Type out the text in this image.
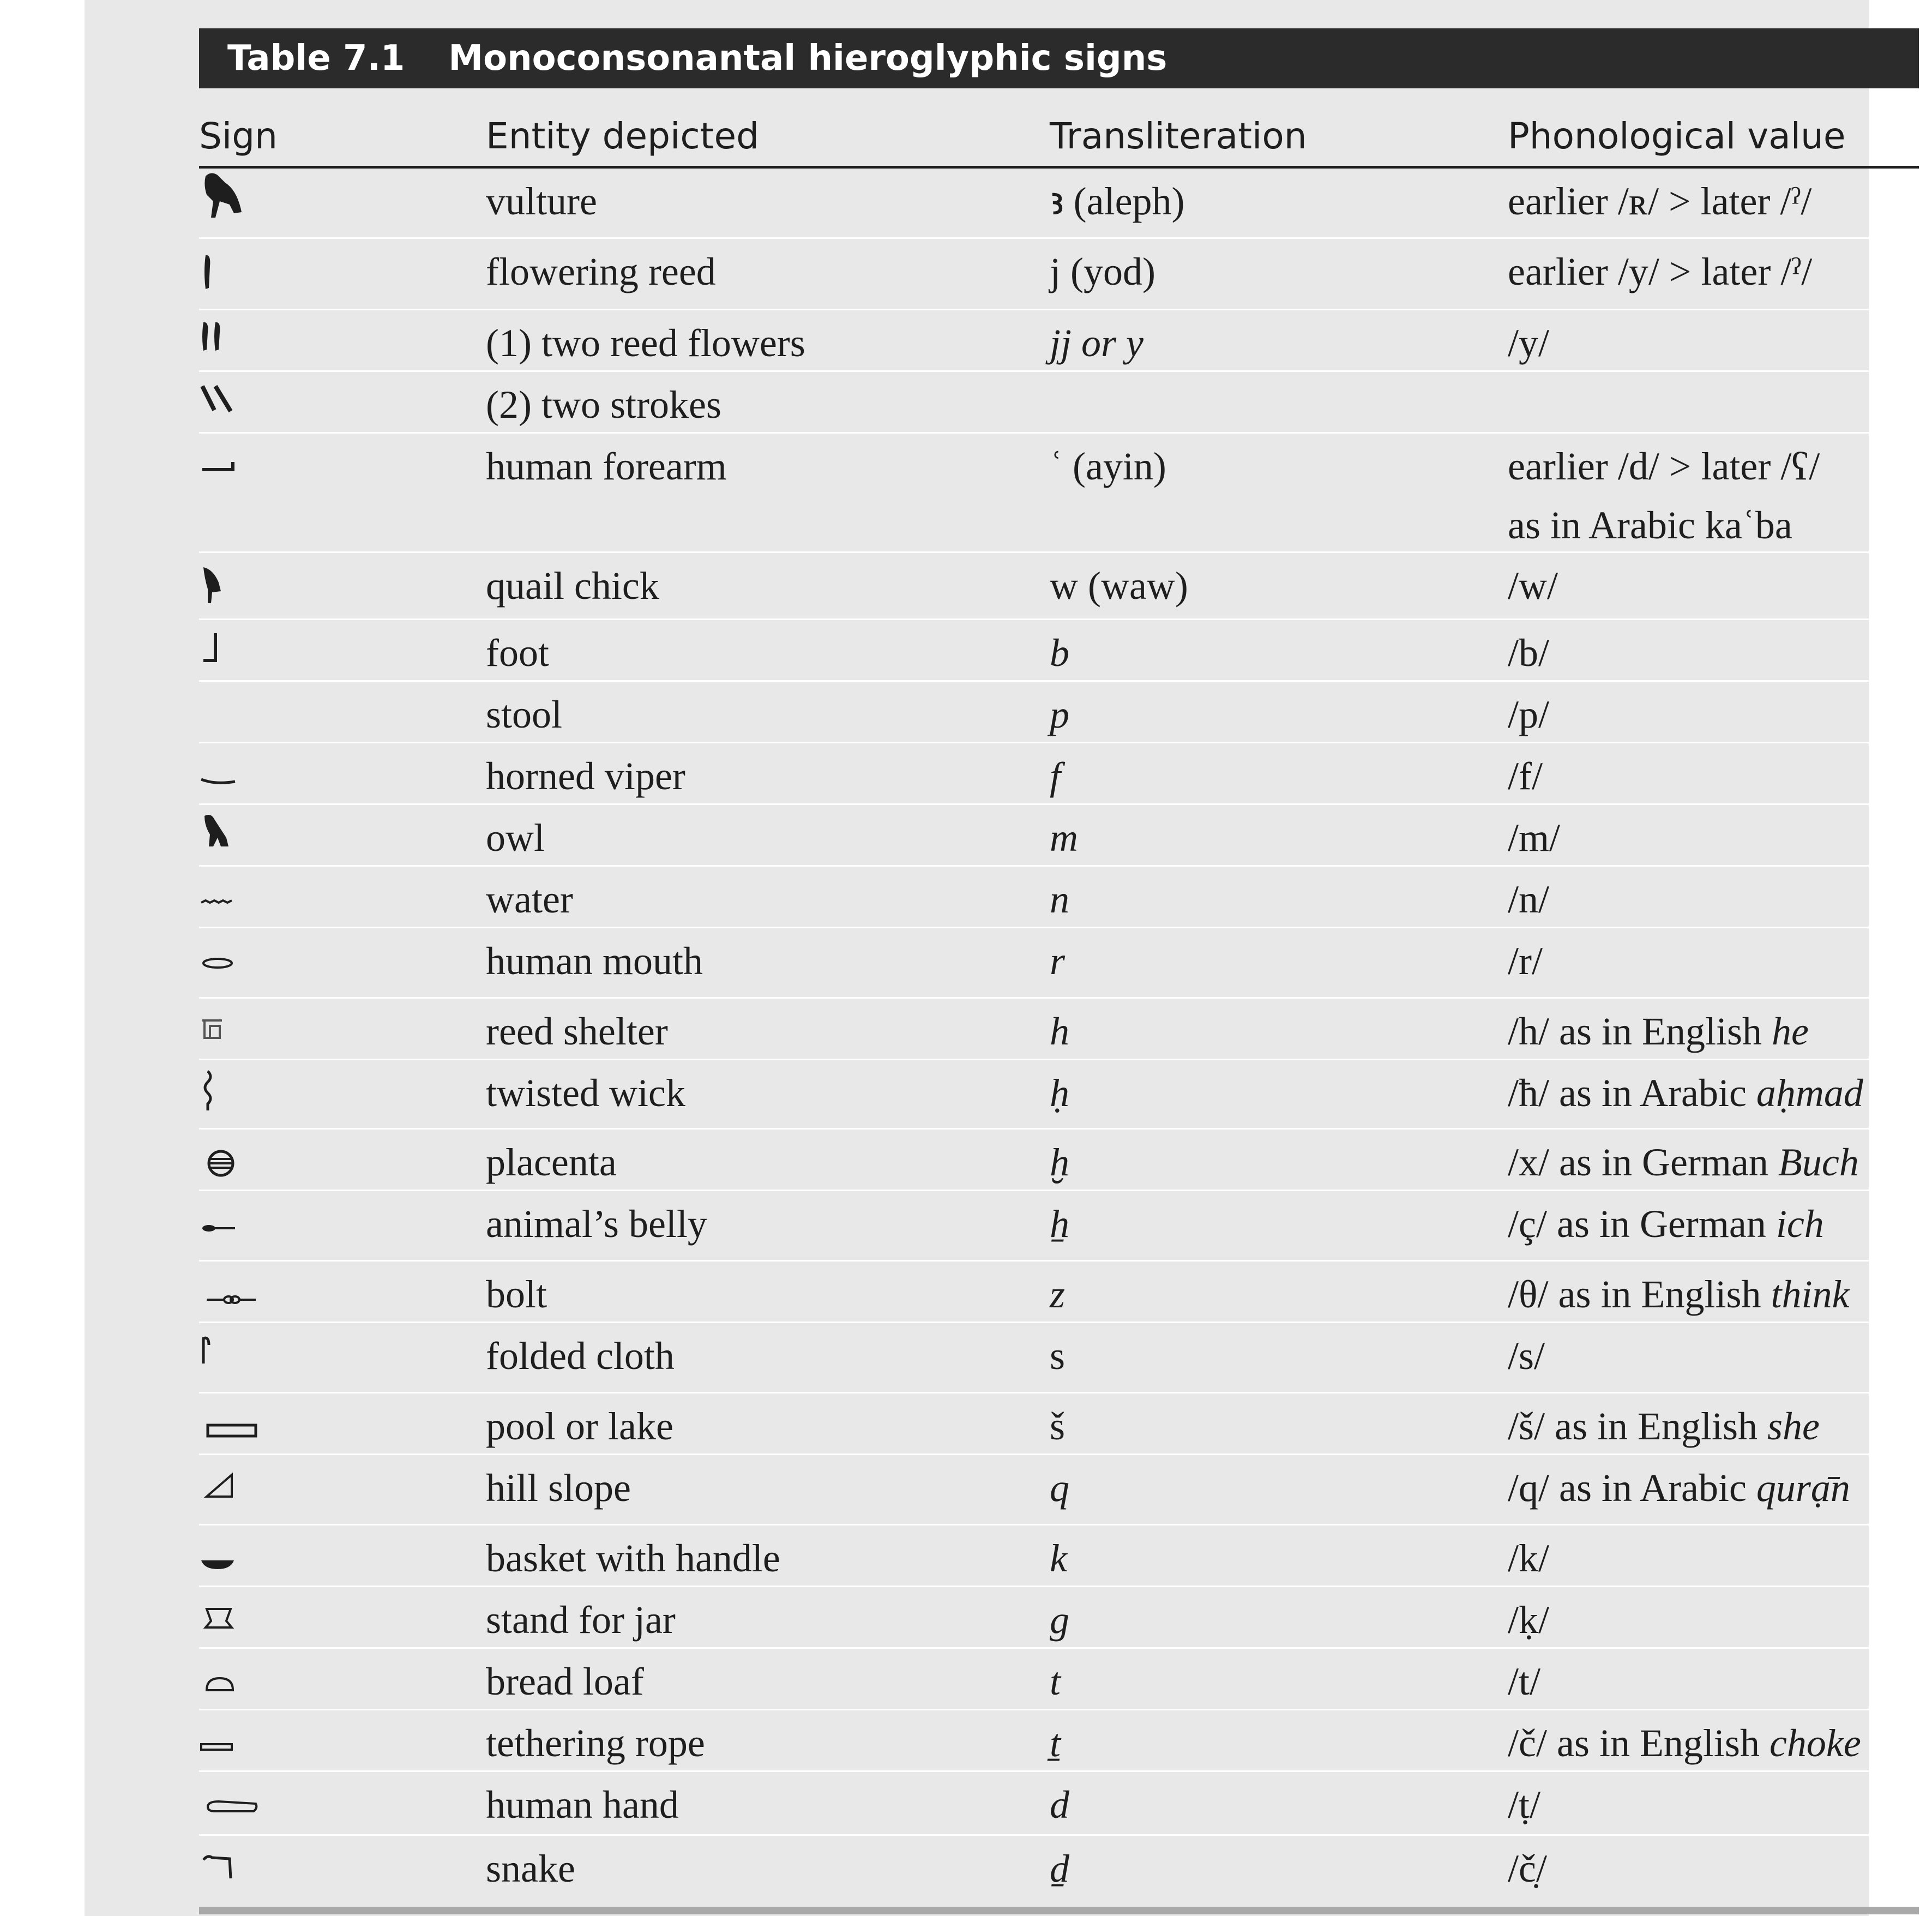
Table 7.1 Monoconsonantal hieroglyphic signs
Sign	Entity depicted	Transliteration	Phonological value
vulture	ꜣ (aleph)	earlier /ʀ/ > later /ˀ/
flowering reed	j (yod)	earlier /y/ > later /ˀ/
(1) two reed flowers	jj or y	/y/
(2) two strokes
human forearm	ʿ (ayin)	earlier /d/ > later /ʕ/
as in Arabic kaʿba
quail chick	w (waw)	/w/
foot	b	/b/
stool	p	/p/
horned viper	f	/f/
owl	m	/m/
water	n	/n/
human mouth	r	/r/
reed shelter	h	/h/ as in English he
twisted wick	ḥ	/ħ/ as in Arabic aḥmad
placenta	ḫ	/x/ as in German Buch
animal’s belly	ẖ	/ç/ as in German ich
bolt	z	/θ/ as in English think
folded cloth	s	/s/
pool or lake	š	/š/ as in English she
hill slope	q	/q/ as in Arabic qurạ̄n
basket with handle	k	/k/
stand for jar	g	/ḳ/
bread loaf	t	/t/
tethering rope	ṯ	/č/ as in English choke
human hand	d	/ṭ/
snake	ḏ	/č̣/
